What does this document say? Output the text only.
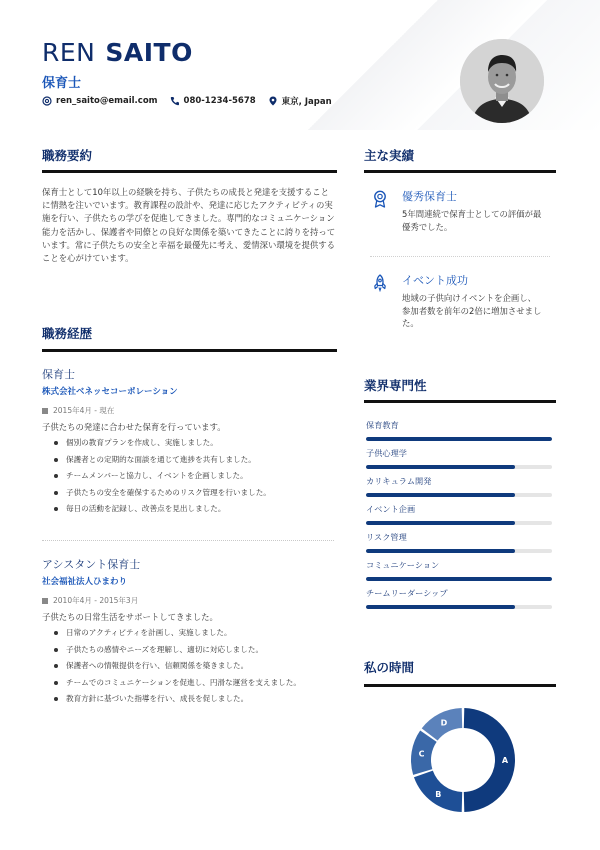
REN SAITO
保育士
ren_saito@email.com	080-1234-5678	東京, Japan
職務要約
保育士として10年以上の経験を持ち、子供たちの成長と発達を支援することに情熱を注いでいます。教育課程の設計や、発達に応じたアクティビティの実施を行い、子供たちの学びを促進してきました。専門的なコミュニケーション能力を活かし、保護者や同僚との良好な関係を築いてきたことに誇りを持っています。常に子供たちの安全と幸福を最優先に考え、愛情深い環境を提供することを心がけています。
職務経歴
保育士
株式会社ベネッセコーポレーション
2015年4月 - 現在
子供たちの発達に合わせた保育を行っています。
個別の教育プランを作成し、実施しました。
保護者との定期的な面談を通じて進捗を共有しました。
チームメンバーと協力し、イベントを企画しました。
子供たちの安全を確保するためのリスク管理を行いました。
毎日の活動を記録し、改善点を見出しました。
アシスタント保育士
社会福祉法人ひまわり
2010年4月 - 2015年3月
子供たちの日常生活をサポートしてきました。
日常のアクティビティを計画し、実施しました。
子供たちの感情やニーズを理解し、適切に対応しました。
保護者への情報提供を行い、信頼関係を築きました。
チームでのコミュニケーションを促進し、円滑な運営を支えました。
教育方針に基づいた指導を行い、成長を促しました。
主な実績
優秀保育士
5年間連続で保育士としての評価が最優秀でした。
イベント成功
地域の子供向けイベントを企画し、参加者数を前年の2倍に増加させました。
業界専門性
保育教育
子供心理学
カリキュラム開発
イベント企画
リスク管理
コミュニケーション
チームリーダーシップ
私の時間
A
B
C
D
